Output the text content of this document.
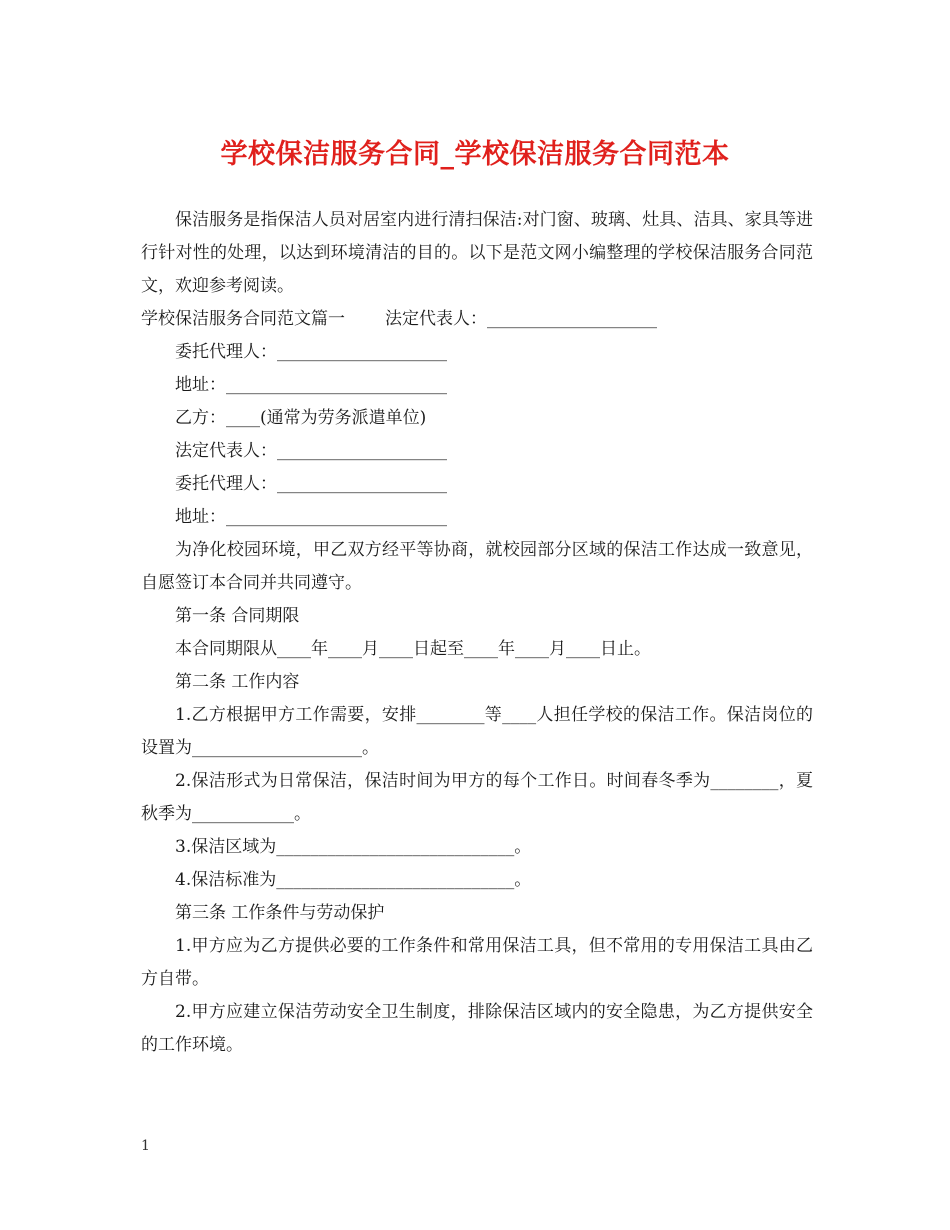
学校保洁服务合同_学校保洁服务合同范本

保洁服务是指保洁人员对居室内进行清扫保洁:对门窗、玻璃、灶具、洁具、家具等进行针对性的处理，以达到环境清洁的目的。以下是范文网小编整理的学校保洁服务合同范文，欢迎参考阅读。

学校保洁服务合同范文篇一 法定代表人：____________________

委托代理人：____________________

地址：__________________________

乙方：____(通常为劳务派遣单位)

法定代表人：____________________

委托代理人：____________________

地址：__________________________

为净化校园环境，甲乙双方经平等协商，就校园部分区域的保洁工作达成一致意见，自愿签订本合同并共同遵守。

第一条 合同期限

本合同期限从____年____月____日起至____年____月____日止。

第二条 工作内容

1.乙方根据甲方工作需要，安排________等____人担任学校的保洁工作。保洁岗位的设置为____________________。

2.保洁形式为日常保洁，保洁时间为甲方的每个工作日。时间春冬季为________，夏秋季为____________。

3.保洁区域为____________________________。

4.保洁标准为____________________________。

第三条 工作条件与劳动保护

1.甲方应为乙方提供必要的工作条件和常用保洁工具，但不常用的专用保洁工具由乙方自带。

2.甲方应建立保洁劳动安全卫生制度，排除保洁区域内的安全隐患，为乙方提供安全的工作环境。

1
